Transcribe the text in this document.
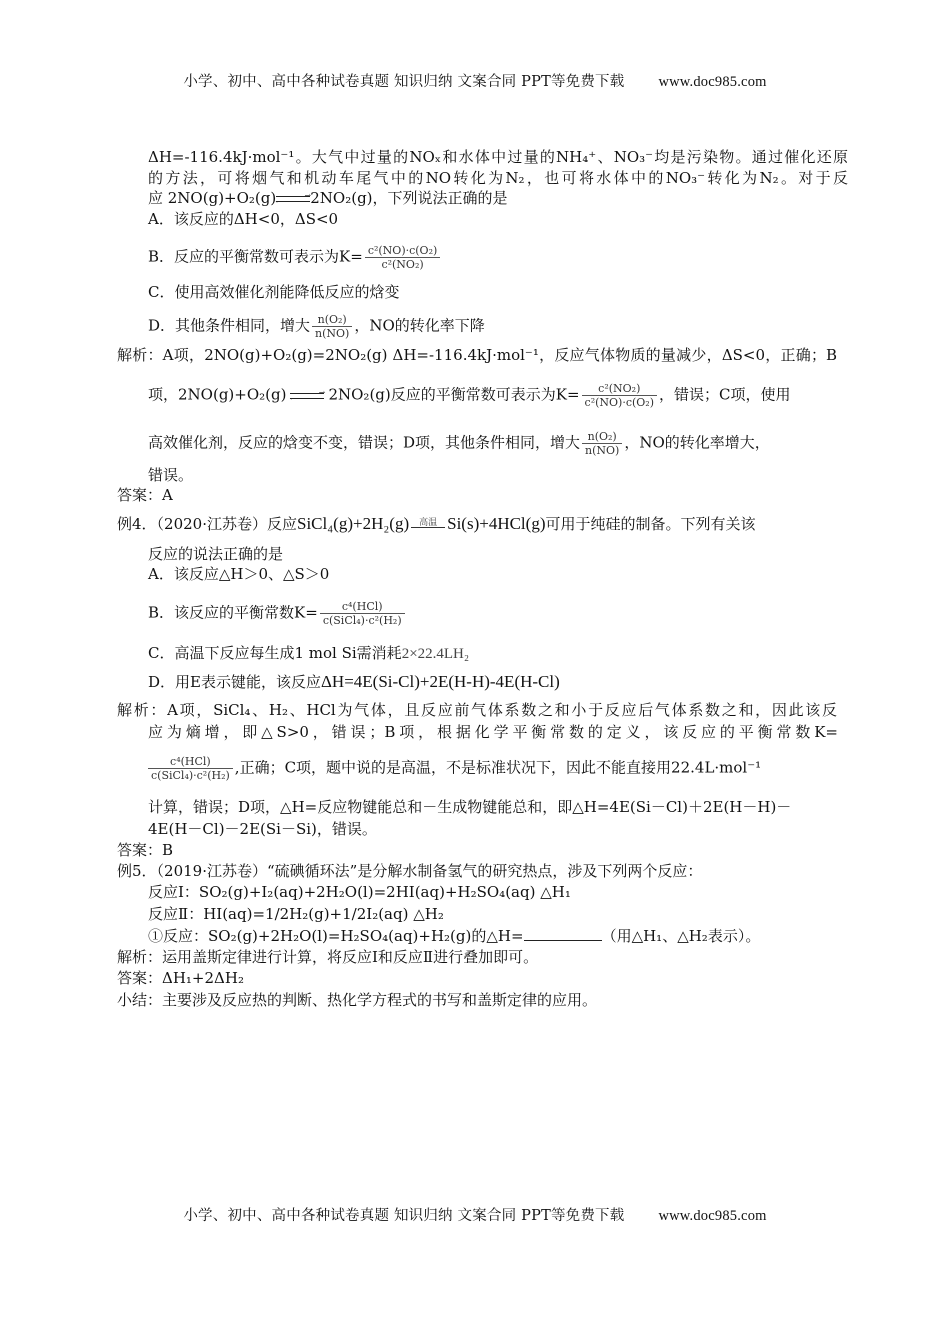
小学、初中、高中各种试卷真题 知识归纳 文案合同 PPT等免费下载 www.doc985.com
ΔH=-116.4kJ·mol⁻¹。大气中过量的NOₓ和水体中过量的NH₄⁺、NO₃⁻均是污染物。通过催化还原
的方法，可将烟气和机动车尾气中的NO转化为N₂，也可将水体中的NO₃⁻转化为N₂。对于反
应 2NO(g)+O₂(g)	⇀
↽ 2NO₂(g)，下列说法正确的是
A．该反应的ΔH<0，ΔS<0
B．反应的平衡常数可表示为$K= \frac{\text{c²(NO)·c(O₂)}}{\text{c²(NO₂)}}$
C．使用高效催化剂能降低反应的焓变
D．其他条件相同，增大 $\frac{\text{n(O₂)}}{n(NO)}$ ，NO的转化率下降
解析：A项，2NO(g)+O₂(g)=2NO₂(g) ΔH=-116.4kJ·mol⁻¹，反应气体物质的量减少，ΔS<0，正确；B
项，2NO(g)+O₂(g)	⇀
↽ 2NO₂(g)反应的平衡常数可表示为$K= \frac{\text{c²(NO₂)}}{\text{c²(NO)·c(O₂)}}$ ，错误；C项，使用
高效催化剂，反应的焓变不变，错误；D项，其他条件相同，增大 $\frac{\text{n(O₂)}}{n(NO)}$ ，NO的转化率增大，
错误。
答案：A
例4．（2020·江苏卷）反应SiCl₄(g)+2H₂(g)	高温 Si(s)+4HCl(g)可用于纯硅的制备。下列有关该
反应的说法正确的是
A．该反应△H＞0、△S＞0
B．该反应的平衡常数$K= \frac{\text{c⁴(HCl)}}{\text{c(SiCl₄)·c²(H₂)}}$
C．高温下反应每生成1 mol Si需消耗2×22.4LH₂
D．用E表示键能，该反应ΔH=4E(Si-Cl)+2E(H-H)-4E(H-Cl)
解析：A项，SiCl₄、H₂、HCl为气体，且反应前气体系数之和小于反应后气体系数之和，因此该反
应为熵增，即△S>0，错误；B项，根据化学平衡常数的定义，该反应的平衡常数K=
$\frac{\text{c⁴(HCl)}}{\text{c(SiCl₄)·c²(H₂)}}$ ,正确；C项，题中说的是高温，不是标准状况下，因此不能直接用22.4L·mol⁻¹
计算，错误；D项，△H=反应物键能总和－生成物键能总和，即△H=4E(Si－Cl)＋2E(H－H)－
4E(H－Cl)－2E(Si－Si)，错误。
答案：B
例5．（2019·江苏卷）“硫碘循环法”是分解水制备氢气的研究热点，涉及下列两个反应：
反应Ⅰ：SO₂(g)+I₂(aq)+2H₂O(l)=2HI(aq)+H₂SO₄(aq) △H₁
反应Ⅱ：HI(aq)=1/2H₂(g)+1/2I₂(aq) △H₂
①反应：SO₂(g)+2H₂O(l)=H₂SO₄(aq)+H₂(g)的△H=	（用△H₁、△H₂表示）。
解析：运用盖斯定律进行计算，将反应Ⅰ和反应Ⅱ进行叠加即可。
答案：ΔH₁+2ΔH₂
小结：主要涉及反应热的判断、热化学方程式的书写和盖斯定律的应用。
小学、初中、高中各种试卷真题 知识归纳 文案合同 PPT等免费下载 www.doc985.com
